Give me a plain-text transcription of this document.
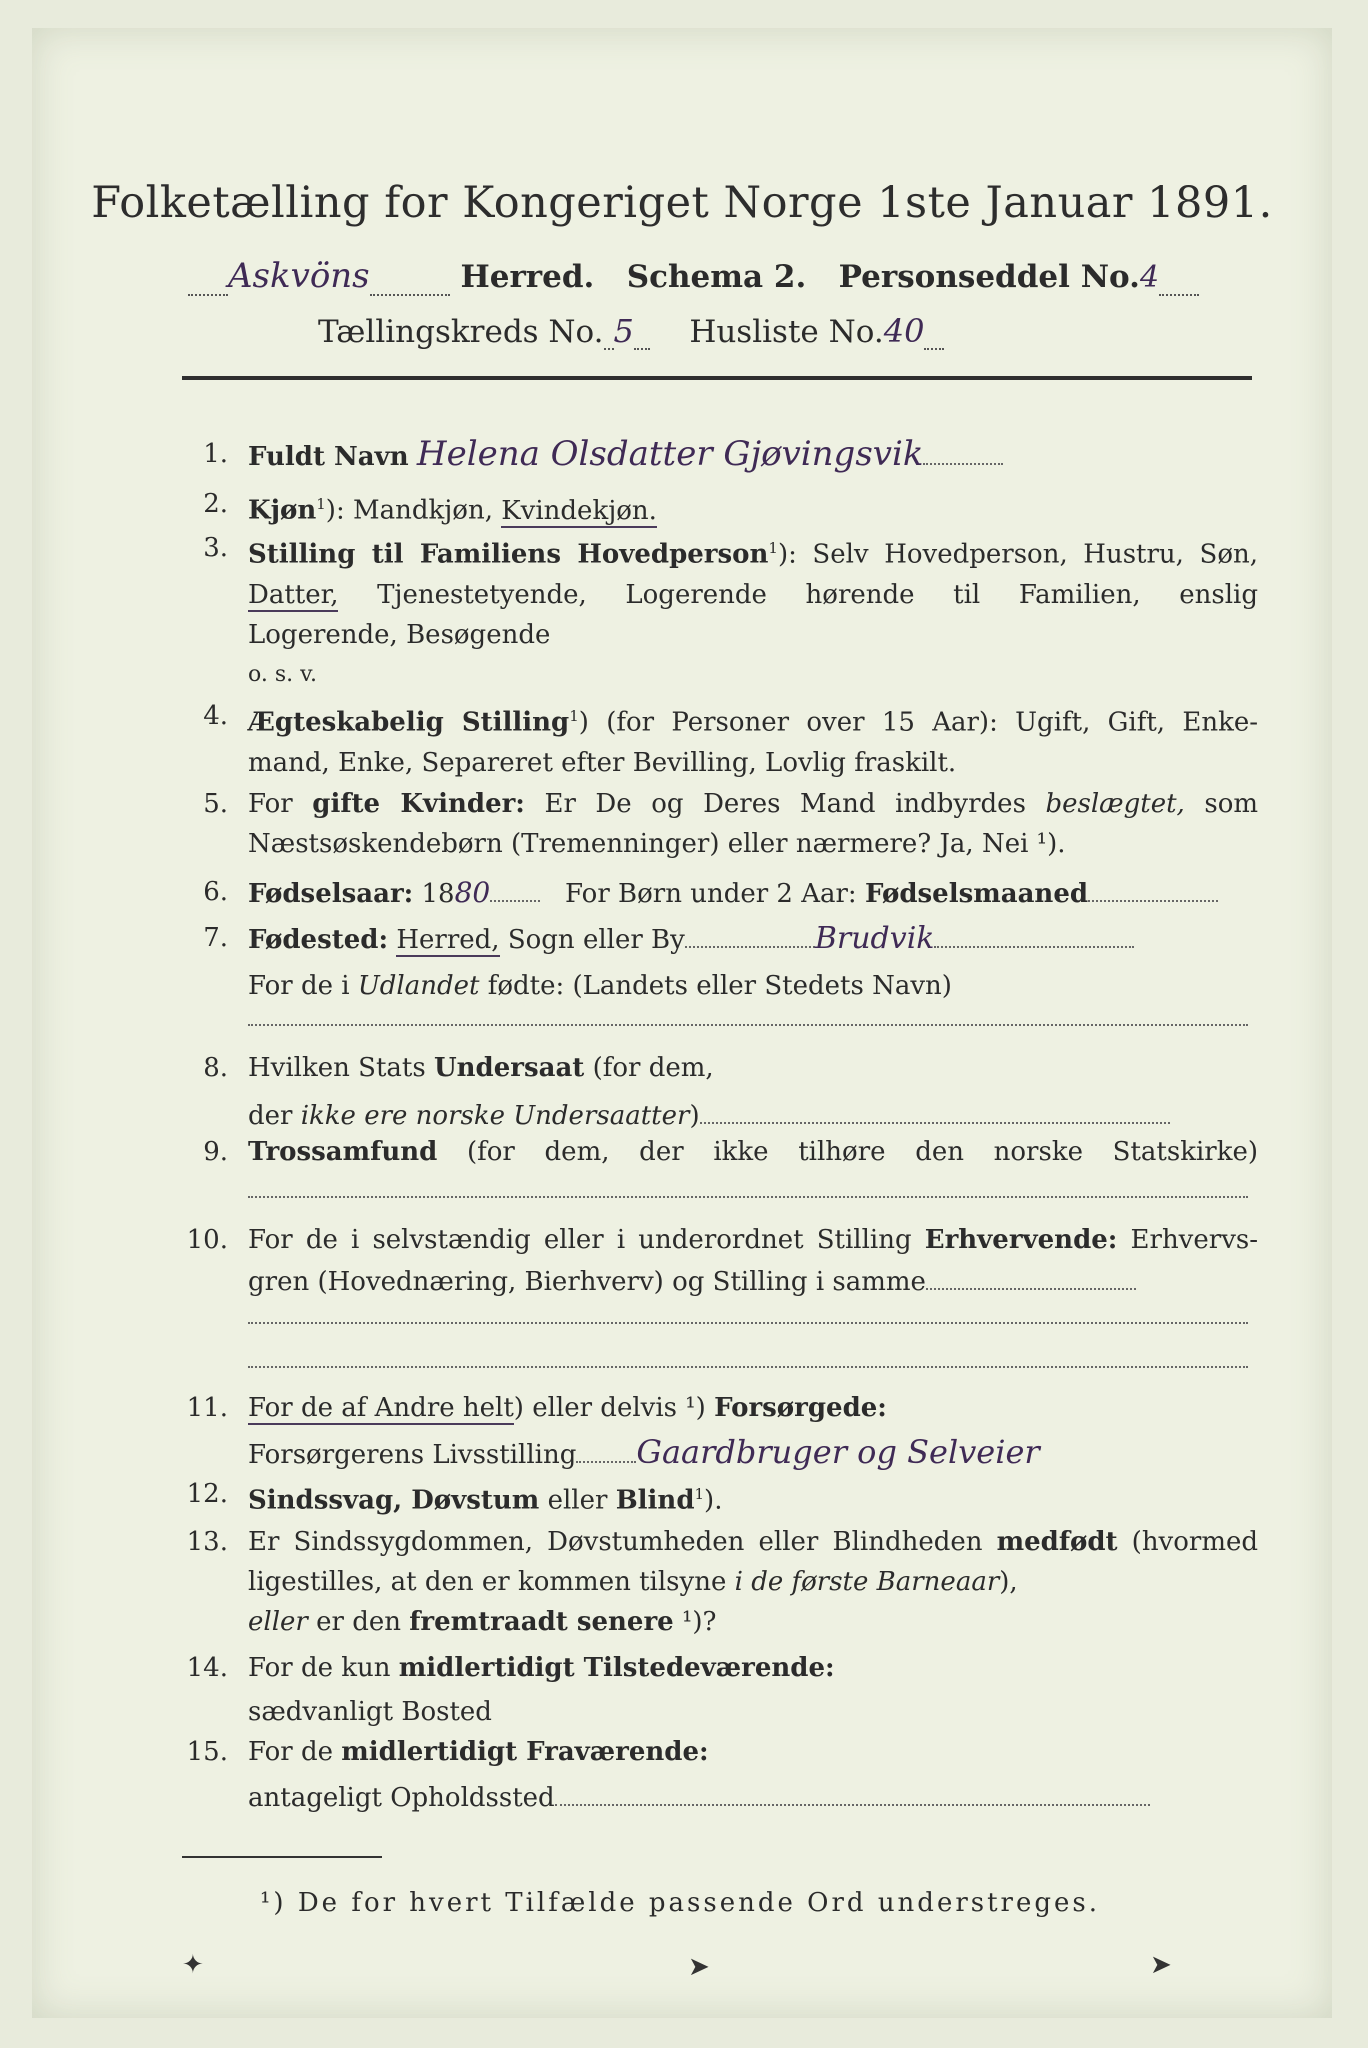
Folketælling for Kongeriget Norge 1ste Januar 1891.
Askvöns	Herred. Schema 2. Personseddel No.4
Tællingskreds No. 5 Husliste No.40
1. Fuldt Navn Helena Olsdatter Gjøvingsvik
2. Kjøn$^1$): Mandkjøn, Kvindekjøn.
3. Stilling til Familiens Hovedperson$^1$): Selv Hovedperson, Hustru, Søn,
Datter, Tjenestetyende, Logerende hørende til Familien, enslig
Logerende, Besøgende
o. s. v.
4. Ægteskabelig Stilling$^1$) (for Personer over 15 Aar): Ugift, Gift, Enke-
mand, Enke, Separeret efter Bevilling, Lovlig fraskilt.
5. For gifte Kvinder: Er De og Deres Mand indbyrdes beslægtet, som
Næstsøskendebørn (Tremenninger) eller nærmere? Ja, Nei ¹).
6. Fødselsaar: 1880	For Børn under 2 Aar: Fødselsmaaned
7. Fødested: Herred, Sogn eller By	Brudvik
For de i Udlandet fødte: (Landets eller Stedets Navn)
8. Hvilken Stats Undersaat (for dem,
der ikke ere norske Undersaatter)
9. Trossamfund (for dem, der ikke tilhøre den norske Statskirke)
10. For de i selvstændig eller i underordnet Stilling Erhvervende: Erhvervs-
gren (Hovednæring, Bierhverv) og Stilling i samme
11. For de af Andre helt) eller delvis ¹) Forsørgede:
Forsørgerens Livsstilling Gaardbruger og Selveier
12. Sindssvag, Døvstum eller Blind$^1$).
13. Er Sindssygdommen, Døvstumheden eller Blindheden medfødt (hvormed
ligestilles, at den er kommen tilsyne i de første Barneaar),
eller er den fremtraadt senere ¹)?
14. For de kun midlertidigt Tilstedeværende:
sædvanligt Bosted
15. For de midlertidigt Fraværende:
antageligt Opholdssted
¹) De for hvert Tilfælde passende Ord understreges.
✦	➤	➤
